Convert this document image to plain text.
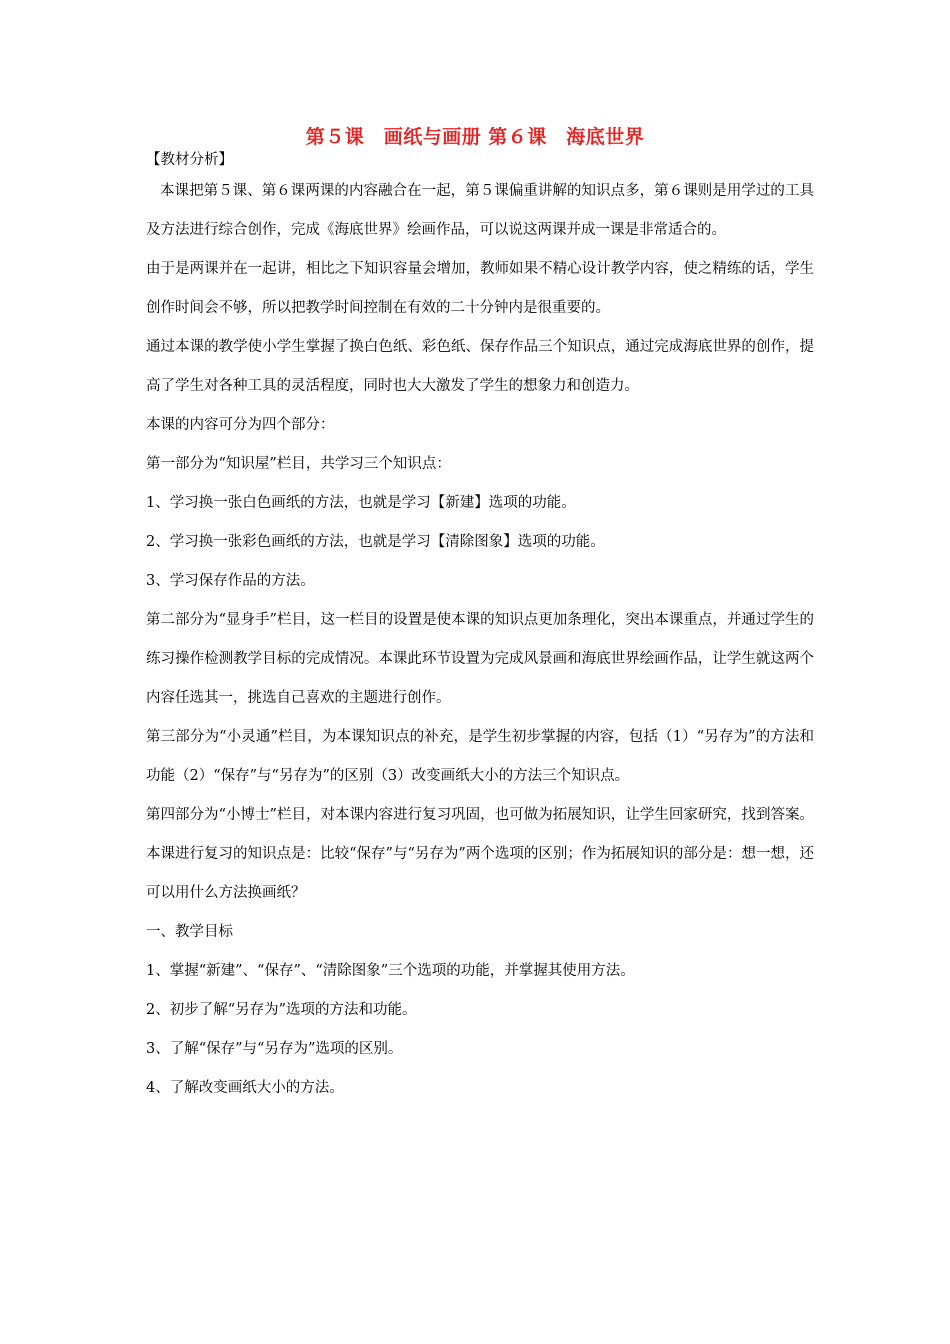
第５课　画纸与画册 第６课　海底世界

【教材分析】

本课把第５课、第６课两课的内容融合在一起，第５课偏重讲解的知识点多，第６课则是用学过的工具及方法进行综合创作，完成《海底世界》绘画作品，可以说这两课并成一课是非常适合的。

由于是两课并在一起讲，相比之下知识容量会增加，教师如果不精心设计教学内容，使之精练的话，学生创作时间会不够，所以把教学时间控制在有效的二十分钟内是很重要的。

通过本课的教学使小学生掌握了换白色纸、彩色纸、保存作品三个知识点，通过完成海底世界的创作，提高了学生对各种工具的灵活程度，同时也大大激发了学生的想象力和创造力。

本课的内容可分为四个部分：

第一部分为“知识屋”栏目，共学习三个知识点：

1、学习换一张白色画纸的方法，也就是学习【新建】选项的功能。

2、学习换一张彩色画纸的方法，也就是学习【清除图象】选项的功能。

3、学习保存作品的方法。

第二部分为“显身手”栏目，这一栏目的设置是使本课的知识点更加条理化，突出本课重点，并通过学生的练习操作检测教学目标的完成情况。本课此环节设置为完成风景画和海底世界绘画作品，让学生就这两个内容任选其一，挑选自己喜欢的主题进行创作。

第三部分为“小灵通”栏目，为本课知识点的补充，是学生初步掌握的内容，包括（1）“另存为”的方法和功能（2）“保存”与“另存为”的区别（3）改变画纸大小的方法三个知识点。

第四部分为“小博士”栏目，对本课内容进行复习巩固，也可做为拓展知识，让学生回家研究，找到答案。本课进行复习的知识点是：比较“保存”与“另存为”两个选项的区别；作为拓展知识的部分是：想一想，还可以用什么方法换画纸？

一、教学目标

1、掌握“新建”、“保存”、“清除图象”三个选项的功能，并掌握其使用方法。

2、初步了解“另存为”选项的方法和功能。

3、了解“保存”与“另存为”选项的区别。

4、了解改变画纸大小的方法。
